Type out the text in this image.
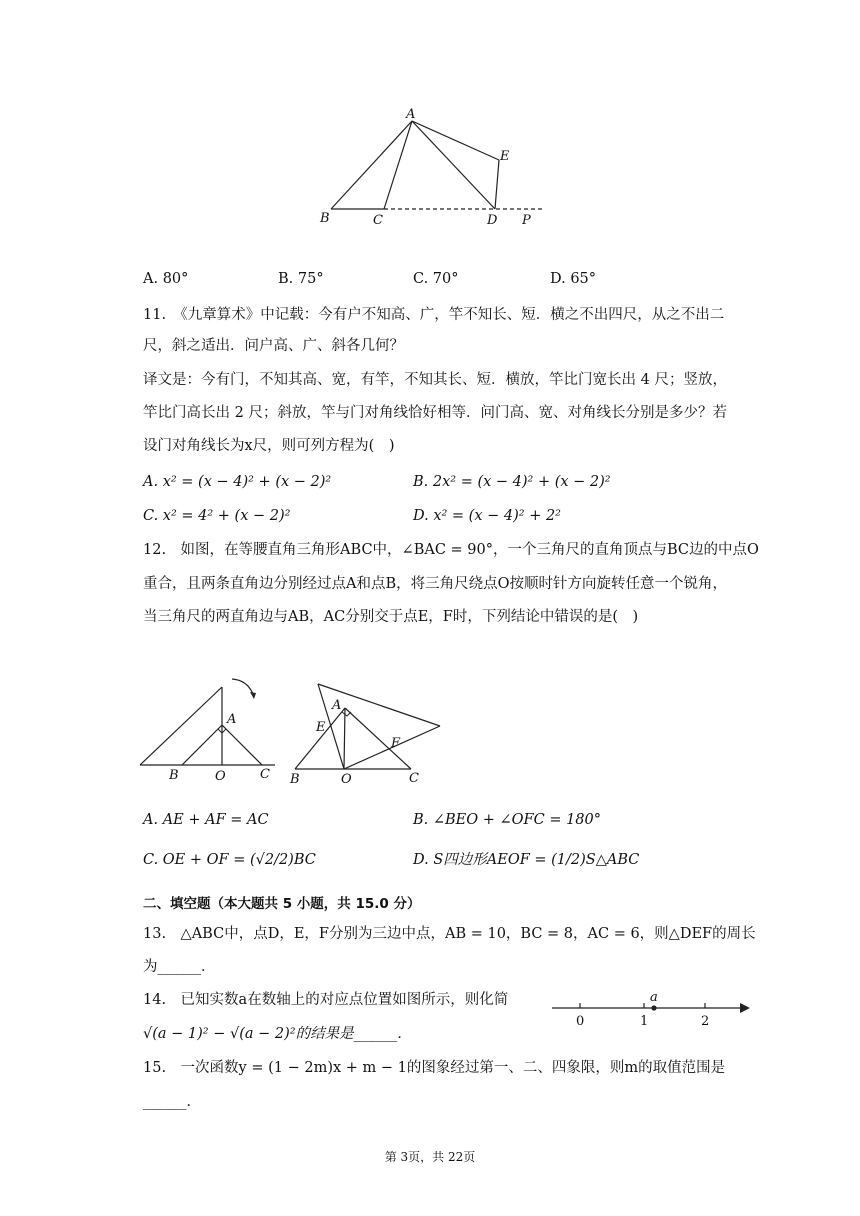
A
B	C	D P
E
A. 80°	B. 75°	C. 70°	D. 65°
11.　《九章算术》中记载：今有户不知高、广，竿不知长、短．横之不出四尺，从之不出二
尺，斜之适出．问户高、广、斜各几何？
译文是：今有门，不知其高、宽，有竿，不知其长、短．横放，竿比门宽长出 4 尺；竖放，
竿比门高长出 2 尺；斜放，竿与门对角线恰好相等．问门高、宽、对角线长分别是多少？若
设门对角线长为x尺，则可列方程为(　)
A. x² = (x − 4)² + (x − 2)²	B. 2x² = (x − 4)² + (x − 2)²
C. x² = 4² + (x − 2)²	D. x² = (x − 4)² + 2²
12.　如图，在等腰直角三角形ABC中，∠BAC = 90°，一个三角尺的直角顶点与BC边的中点O
重合，且两条直角边分别经过点A和点B，将三角尺绕点O按顺时针方向旋转任意一个锐角，
当三角尺的两直角边与AB，AC分别交于点E，F时，下列结论中错误的是(　)
A
B	O	C
A
E
F
B	O	C
A. AE + AF = AC	B. ∠BEO + ∠OFC = 180°
C. OE + OF = (√2/2)BC	D. S四边形AEOF = (1/2)S△ABC
二、填空题（本大题共 5 小题，共 15.0 分）
13.　△ABC中，点D，E，F分别为三边中点，AB = 10，BC = 8，AC = 6，则△DEF的周长
为______．
14.　已知实数a在数轴上的对应点位置如图所示，则化简
√(a − 1)² − √(a − 2)²的结果是______．
a
0	1	2
15.　一次函数y = (1 − 2m)x + m − 1的图象经过第一、二、四象限，则m的取值范围是
______．
第 3页，共 22页
